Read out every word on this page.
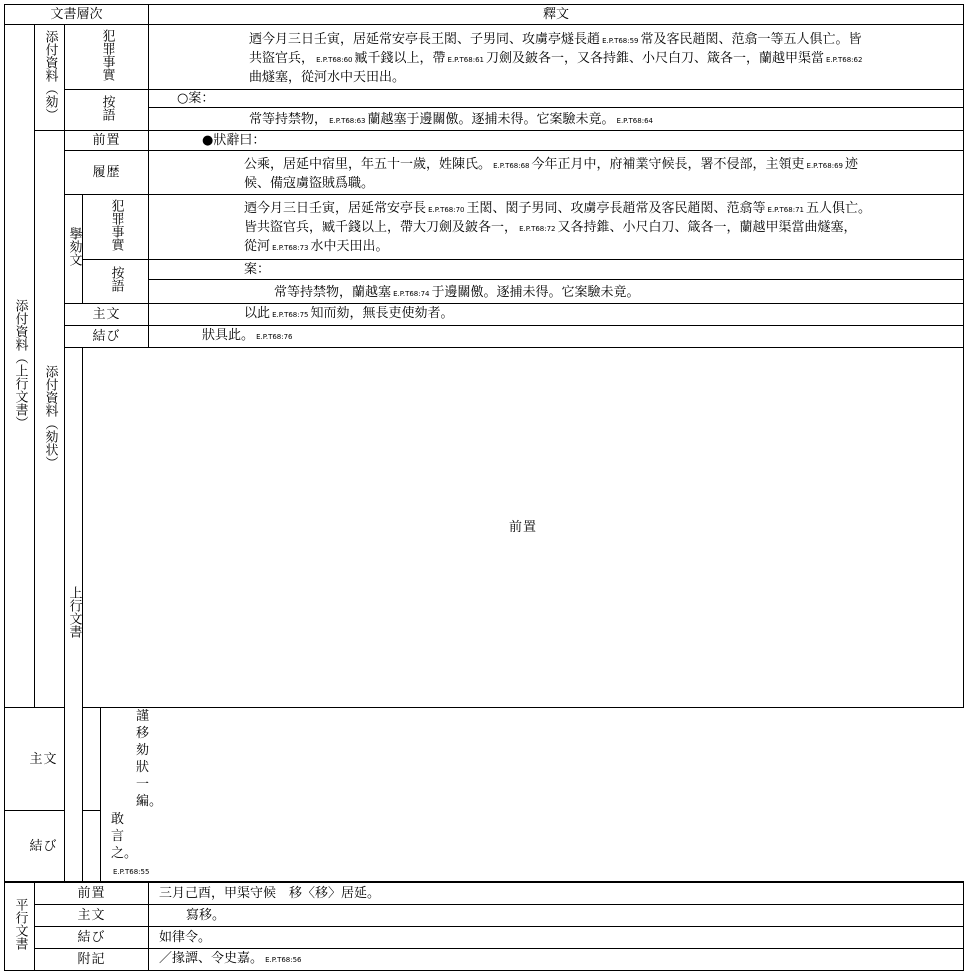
文書層次				釋文	
添付資料（上行文書）	添付資料（劾）	犯罪事實		迺今月三日壬寅，居延常安亭長王閎、子男同、攻虜亭燧長趙 E.P.T68:59 常及客民趙閎、范翕一等五人俱亡。皆
共盜官兵， E.P.T68:60 臧千錢以上，帶 E.P.T68:61 刀劍及鈹各一，又各持錐、小尺白刀、箴各一，蘭越甲渠當 E.P.T68:62
曲燧塞，從河水中天田出。	

		按語		○案：	

				常等持禁物， E.P.T68:63 蘭越塞于邊關儌。逐捕未得。它案驗未竟。 E.P.T68:64	

	添付資料（劾状）	前置		●狀辭曰：	
		履歴		公乘，居延中宿里，年五十一歲，姓陳氏。 E.P.T68:68 今年正月中，府補業守候長，署不侵部，主領吏 E.P.T68:69 迹
候、備寇虜盜賊爲職。	

		擧劾文	犯罪事實	迺今月三日壬寅，居延常安亭長 E.P.T68:70 王閎、閎子男同、攻虜亭長趙常及客民趙閎、范翕等 E.P.T68:71 五人俱亡。
皆共盜官兵，臧千錢以上，帶大刀劍及鈹各一， E.P.T68:72 又各持錐、小尺白刀、箴各一，蘭越甲渠當曲燧塞，
從河 E.P.T68:73 水中天田出。	

			按語	案：	

				常等持禁物，蘭越塞 E.P.T68:74 于邊關儌。逐捕未得。它案驗未竟。	

		主文		以此 E.P.T68:75 知而劾，無長吏使劾者。	
		結び		狀具此。 E.P.T68:76	
		上行文書	前置	
主文			謹移劾狀一編。		
結び			敢言之。E.P.T68:55		
平行文書	前置			三月己酉，甲渠守候　移〈移〉居延。	
	主文			寫移。	
	結び			如律令。	
	附記			／掾譚、令史嘉。 E.P.T68:56	
